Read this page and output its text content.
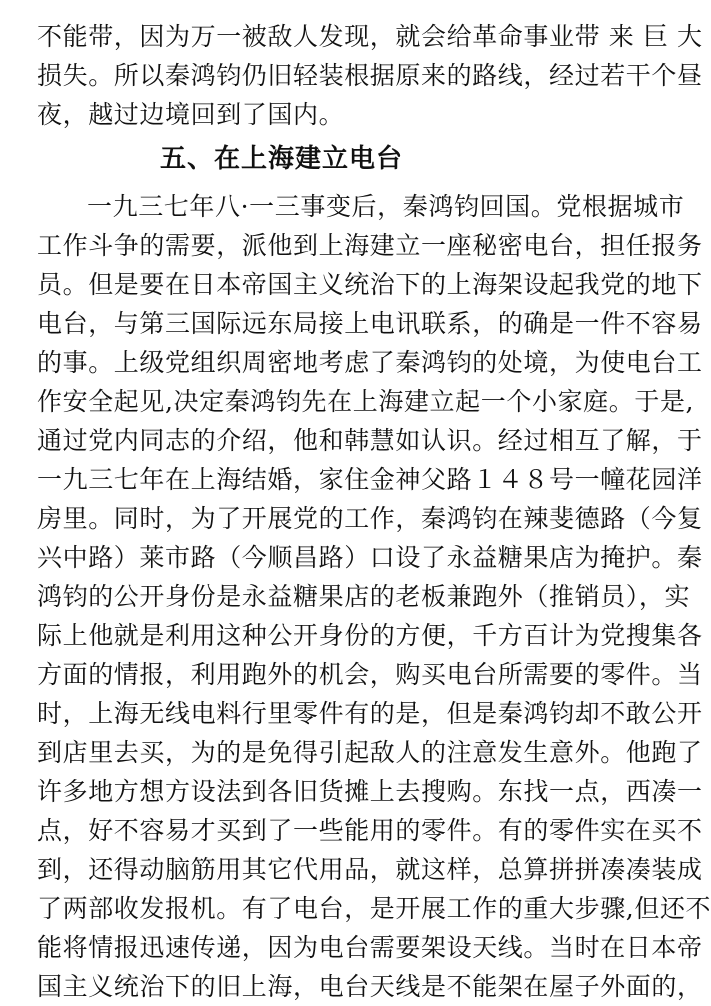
不能带，因为万一被敌人发现，就会给革命事业带 来 巨 大
损失。所以秦鸿钧仍旧轻装根据原来的路线，经过若干个昼
夜，越过边境回到了国内。
五、在上海建立电台
一九三七年八·一三事变后，秦鸿钧回国。党根据城市
工作斗争的需要，派他到上海建立一座秘密电台，担任报务
员。但是要在日本帝国主义统治下的上海架设起我党的地下
电台，与第三国际远东局接上电讯联系，的确是一件不容易
的事。上级党组织周密地考虑了秦鸿钧的处境，为使电台工
作安全起见,决定秦鸿钧先在上海建立起一个小家庭。于是,
通过党内同志的介绍，他和韩慧如认识。经过相互了解，于
一九三七年在上海结婚，家住金神父路１４８号一幢花园洋
房里。同时，为了开展党的工作，秦鸿钧在辣斐德路（今复
兴中路）莱市路（今顺昌路）口设了永益糖果店为掩护。秦
鸿钧的公开身份是永益糖果店的老板兼跑外（推销员），实
际上他就是利用这种公开身份的方便，千方百计为党搜集各
方面的情报，利用跑外的机会，购买电台所需要的零件。当
时，上海无线电料行里零件有的是，但是秦鸿钧却不敢公开
到店里去买，为的是免得引起敌人的注意发生意外。他跑了
许多地方想方设法到各旧货摊上去搜购。东找一点，西凑一
点，好不容易才买到了一些能用的零件。有的零件实在买不
到，还得动脑筋用其它代用品，就这样，总算拼拼凑凑装成
了两部收发报机。有了电台，是开展工作的重大步骤,但还不
能将情报迅速传递，因为电台需要架设天线。当时在日本帝
国主义统治下的旧上海，电台天线是不能架在屋子外面的，
